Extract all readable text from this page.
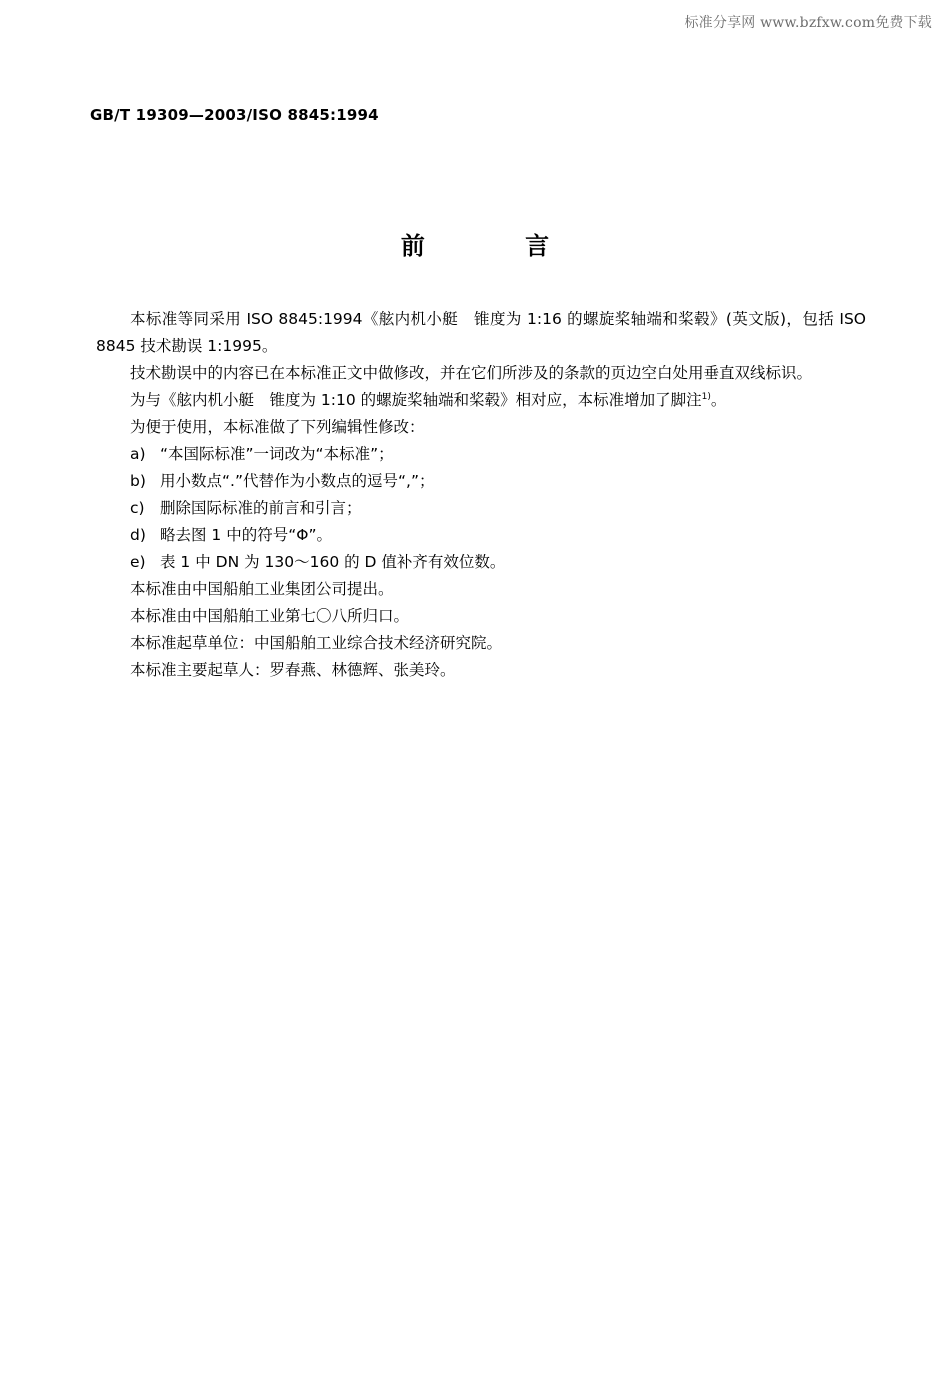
标准分享网 www.bzfxw.com免费下载
GB/T 19309—2003/ISO 8845:1994
前 言

本标准等同采用 ISO 8845:1994《舷内机小艇　锥度为 1:16 的螺旋桨轴端和桨毂》(英文版)，包括 ISO 8845 技术勘误 1:1995。

技术勘误中的内容已在本标准正文中做修改，并在它们所涉及的条款的页边空白处用垂直双线标识。

为与《舷内机小艇　锥度为 1:10 的螺旋桨轴端和桨毂》相对应，本标准增加了脚注$^{1)}$。

为便于使用，本标准做了下列编辑性修改：

a) “本国际标准”一词改为“本标准”；
b) 用小数点“.”代替作为小数点的逗号“,”；
c) 删除国际标准的前言和引言；
d) 略去图 1 中的符号“Φ”。
e) 表 1 中 DN 为 130～160 的 D 值补齐有效位数。

本标准由中国船舶工业集团公司提出。

本标准由中国船舶工业第七〇八所归口。

本标准起草单位：中国船舶工业综合技术经济研究院。

本标准主要起草人：罗春燕、林德辉、张美玲。
